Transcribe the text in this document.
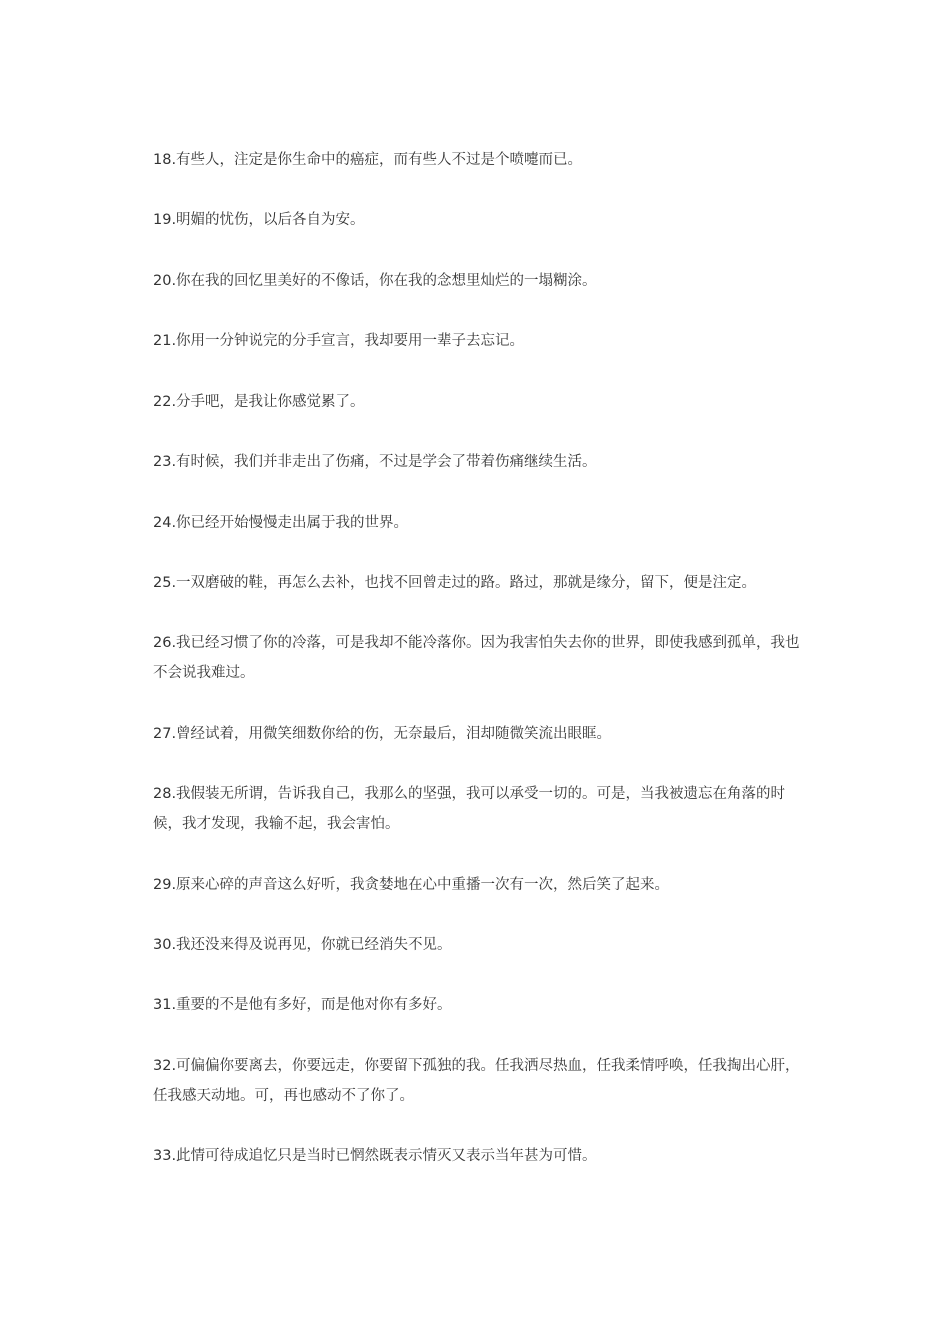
18.有些人，注定是你生命中的癌症，而有些人不过是个喷嚏而已。

19.明媚的忧伤，以后各自为安。

20.你在我的回忆里美好的不像话，你在我的念想里灿烂的一塌糊涂。

21.你用一分钟说完的分手宣言，我却要用一辈子去忘记。

22.分手吧，是我让你感觉累了。

23.有时候，我们并非走出了伤痛，不过是学会了带着伤痛继续生活。

24.你已经开始慢慢走出属于我的世界。

25.一双磨破的鞋，再怎么去补，也找不回曾走过的路。路过，那就是缘分，留下，便是注定。

26.我已经习惯了你的冷落，可是我却不能冷落你。因为我害怕失去你的世界，即使我感到孤单，我也不会说我难过。

27.曾经试着，用微笑细数你给的伤，无奈最后，泪却随微笑流出眼眶。

28.我假装无所谓，告诉我自己，我那么的坚强，我可以承受一切的。可是，当我被遗忘在角落的时候，我才发现，我输不起，我会害怕。

29.原来心碎的声音这么好听，我贪婪地在心中重播一次有一次，然后笑了起来。

30.我还没来得及说再见，你就已经消失不见。

31.重要的不是他有多好，而是他对你有多好。

32.可偏偏你要离去，你要远走，你要留下孤独的我。任我洒尽热血，任我柔情呼唤，任我掏出心肝，任我感天动地。可，再也感动不了你了。

33.此情可待成追忆只是当时已惘然既表示情灭又表示当年甚为可惜。
